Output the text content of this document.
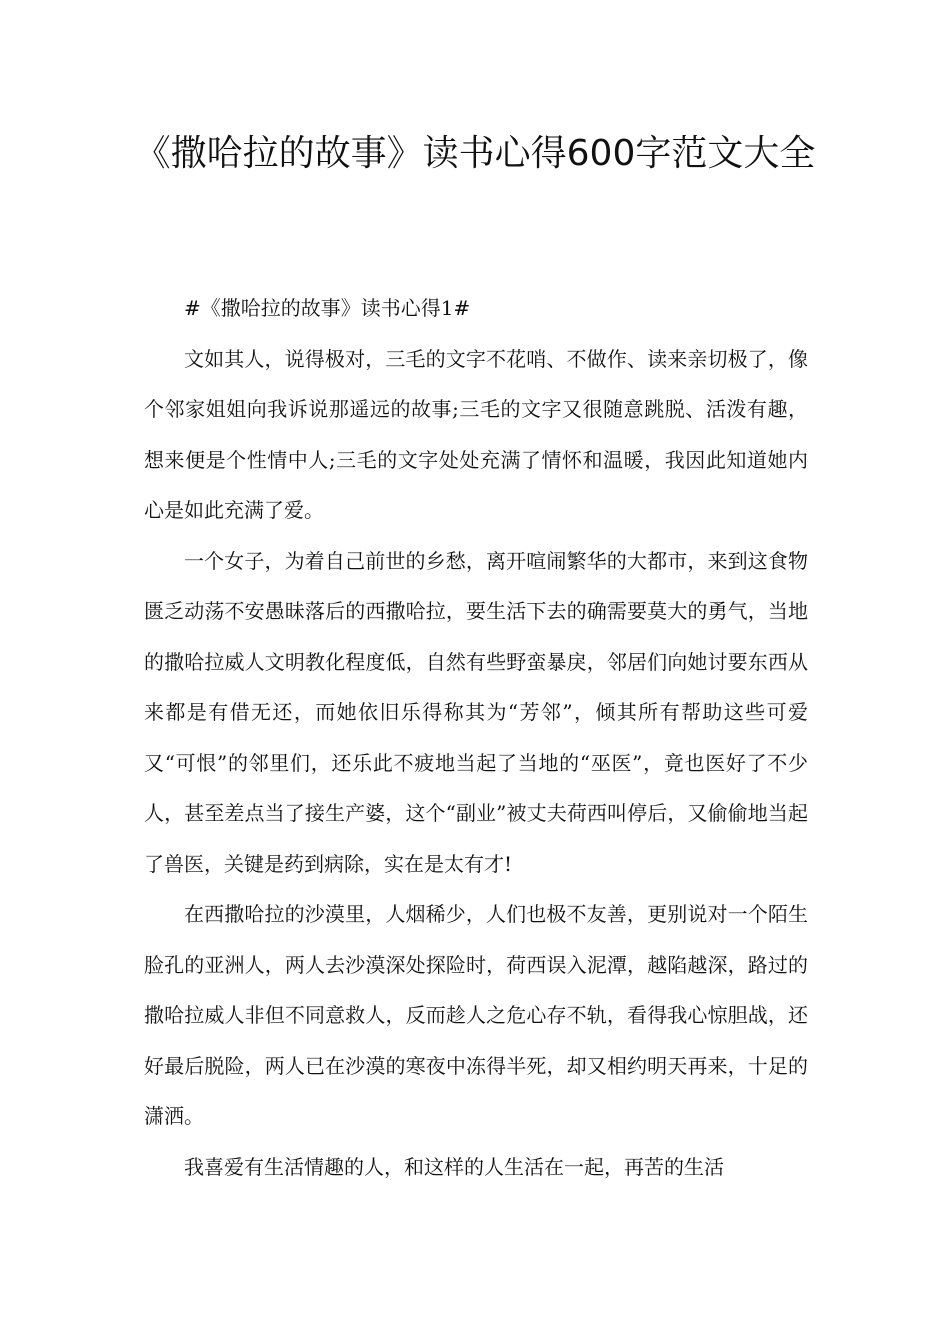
《撒哈拉的故事》读书心得600字范文大全

#《撒哈拉的故事》读书心得1#

文如其人，说得极对，三毛的文字不花哨、不做作、读来亲切极了，像个邻家姐姐向我诉说那遥远的故事;三毛的文字又很随意跳脱、活泼有趣，想来便是个性情中人;三毛的文字处处充满了情怀和温暖，我因此知道她内心是如此充满了爱。

一个女子，为着自己前世的乡愁，离开喧闹繁华的大都市，来到这食物匮乏动荡不安愚昧落后的西撒哈拉，要生活下去的确需要莫大的勇气，当地的撒哈拉威人文明教化程度低，自然有些野蛮暴戾，邻居们向她讨要东西从来都是有借无还，而她依旧乐得称其为“芳邻”，倾其所有帮助这些可爱又“可恨”的邻里们，还乐此不疲地当起了当地的“巫医”，竟也医好了不少人，甚至差点当了接生产婆，这个“副业”被丈夫荷西叫停后，又偷偷地当起了兽医，关键是药到病除，实在是太有才!

在西撒哈拉的沙漠里，人烟稀少，人们也极不友善，更别说对一个陌生脸孔的亚洲人，两人去沙漠深处探险时，荷西误入泥潭，越陷越深，路过的撒哈拉威人非但不同意救人，反而趁人之危心存不轨，看得我心惊胆战，还好最后脱险，两人已在沙漠的寒夜中冻得半死，却又相约明天再来，十足的潇洒。

我喜爱有生活情趣的人，和这样的人生活在一起，再苦的生活
